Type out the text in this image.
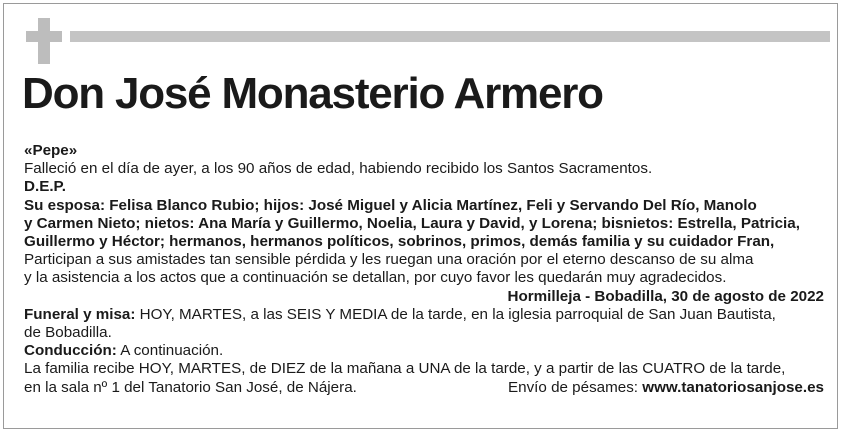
Don José Monasterio Armero
«Pepe»
Falleció en el día de ayer, a los 90 años de edad, habiendo recibido los Santos Sacramentos.
D.E.P.
Su esposa: Felisa Blanco Rubio; hijos: José Miguel y Alicia Martínez, Feli y Servando Del Río, Manolo
y Carmen Nieto; nietos: Ana María y Guillermo, Noelia, Laura y David, y Lorena; bisnietos: Estrella, Patricia,
Guillermo y Héctor; hermanos, hermanos políticos, sobrinos, primos, demás familia y su cuidador Fran,
Participan a sus amistades tan sensible pérdida y les ruegan una oración por el eterno descanso de su alma
y la asistencia a los actos que a continuación se detallan, por cuyo favor les quedarán muy agradecidos.
Hormilleja - Bobadilla, 30 de agosto de 2022
Funeral y misa: HOY, MARTES, a las SEIS Y MEDIA de la tarde, en la iglesia parroquial de San Juan Bautista,
de Bobadilla.
Conducción: A continuación.
La familia recibe HOY, MARTES, de DIEZ de la mañana a UNA de la tarde, y a partir de las CUATRO de la tarde,
en la sala nº 1 del Tanatorio San José, de Nájera.	Envío de pésames: www.tanatoriosanjose.es
